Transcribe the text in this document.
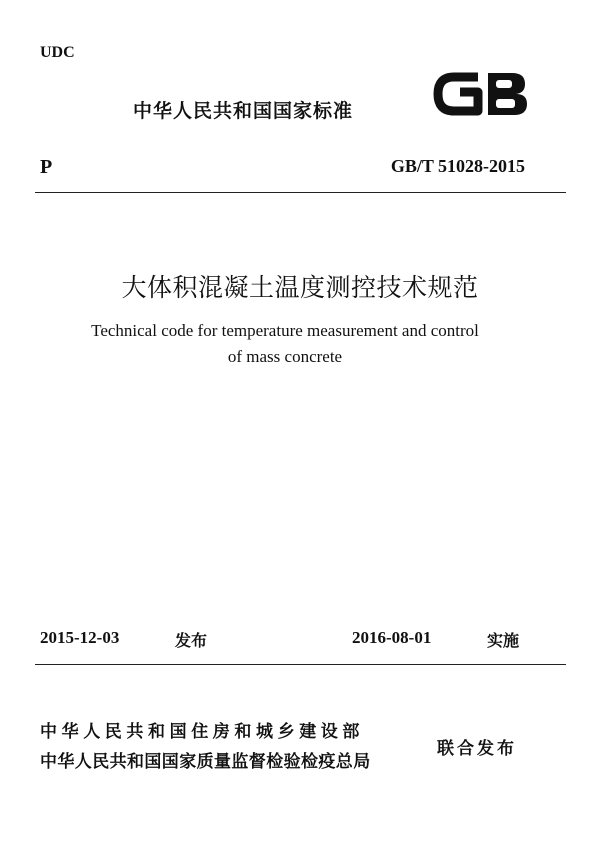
UDC
中华人民共和国国家标准
P	GB/T 51028-2015
大体积混凝土温度测控技术规范
Technical code for temperature measurement and control
of mass concrete
2015-12-03	发布	2016-08-01	实施
中华人民共和国住房和城乡建设部
中华人民共和国国家质量监督检验检疫总局
联合发布
